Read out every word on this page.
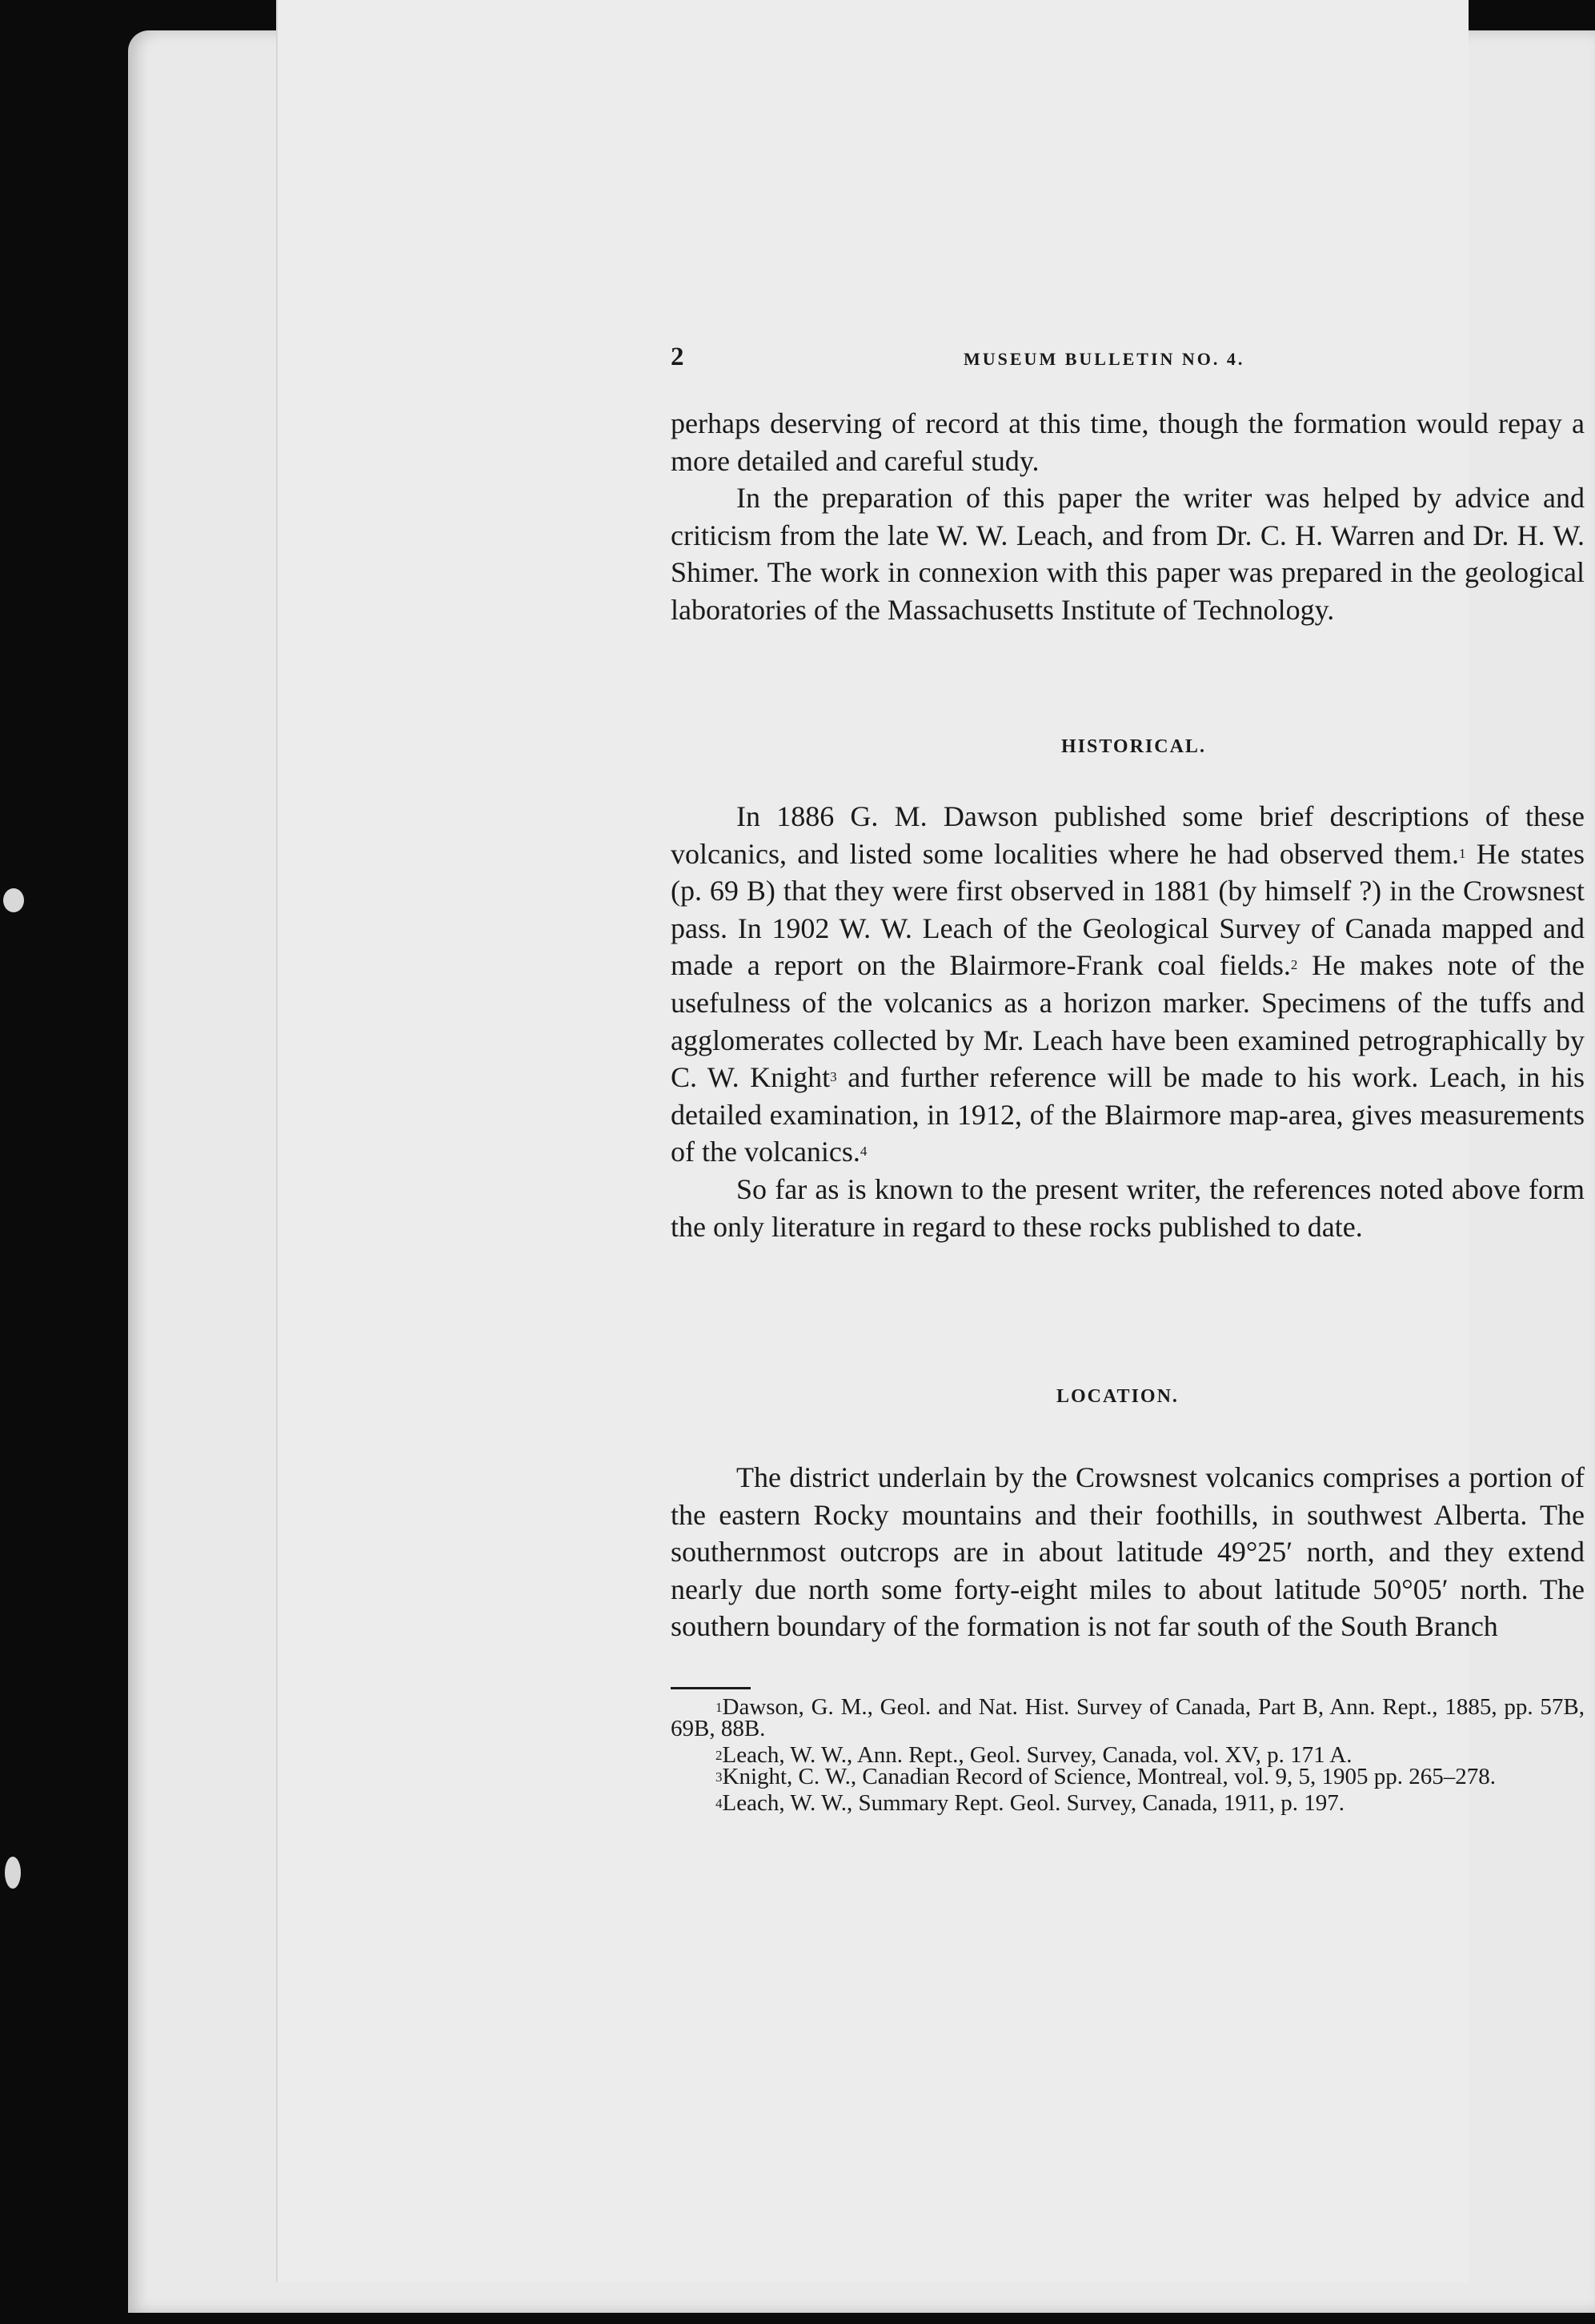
2	MUSEUM BULLETIN NO. 4.

perhaps deserving of record at this time, though the formation would repay a more detailed and careful study.

In the preparation of this paper the writer was helped by advice and criticism from the late W. W. Leach, and from Dr. C. H. Warren and Dr. H. W. Shimer. The work in connexion with this paper was prepared in the geological laboratories of the Massachusetts Institute of Technology.

HISTORICAL.

In 1886 G. M. Dawson published some brief descriptions of these volcanics, and listed some localities where he had observed them.$^1$ He states (p. 69 B) that they were first observed in 1881 (by himself ?) in the Crowsnest pass. In 1902 W. W. Leach of the Geological Survey of Canada mapped and made a report on the Blairmore-Frank coal fields.$^2$ He makes note of the usefulness of the volcanics as a horizon marker. Specimens of the tuffs and agglomerates collected by Mr. Leach have been examined petrographically by C. W. Knight$^3$ and further reference will be made to his work. Leach, in his detailed examination, in 1912, of the Blairmore map-area, gives measurements of the volcanics.$^4$

So far as is known to the present writer, the references noted above form the only literature in regard to these rocks published to date.

LOCATION.

The district underlain by the Crowsnest volcanics comprises a portion of the eastern Rocky mountains and their foothills, in southwest Alberta. The southernmost outcrops are in about latitude 49°25′ north, and they extend nearly due north some forty-eight miles to about latitude 50°05′ north. The southern boundary of the formation is not far south of the South Branch

$^1$Dawson, G. M., Geol. and Nat. Hist. Survey of Canada, Part B, Ann. Rept., 1885, pp. 57B, 69B, 88B.

$^2$Leach, W. W., Ann. Rept., Geol. Survey, Canada, vol. XV, p. 171 A.

$^3$Knight, C. W., Canadian Record of Science, Montreal, vol. 9, 5, 1905 pp. 265–278.

$^4$Leach, W. W., Summary Rept. Geol. Survey, Canada, 1911, p. 197.
